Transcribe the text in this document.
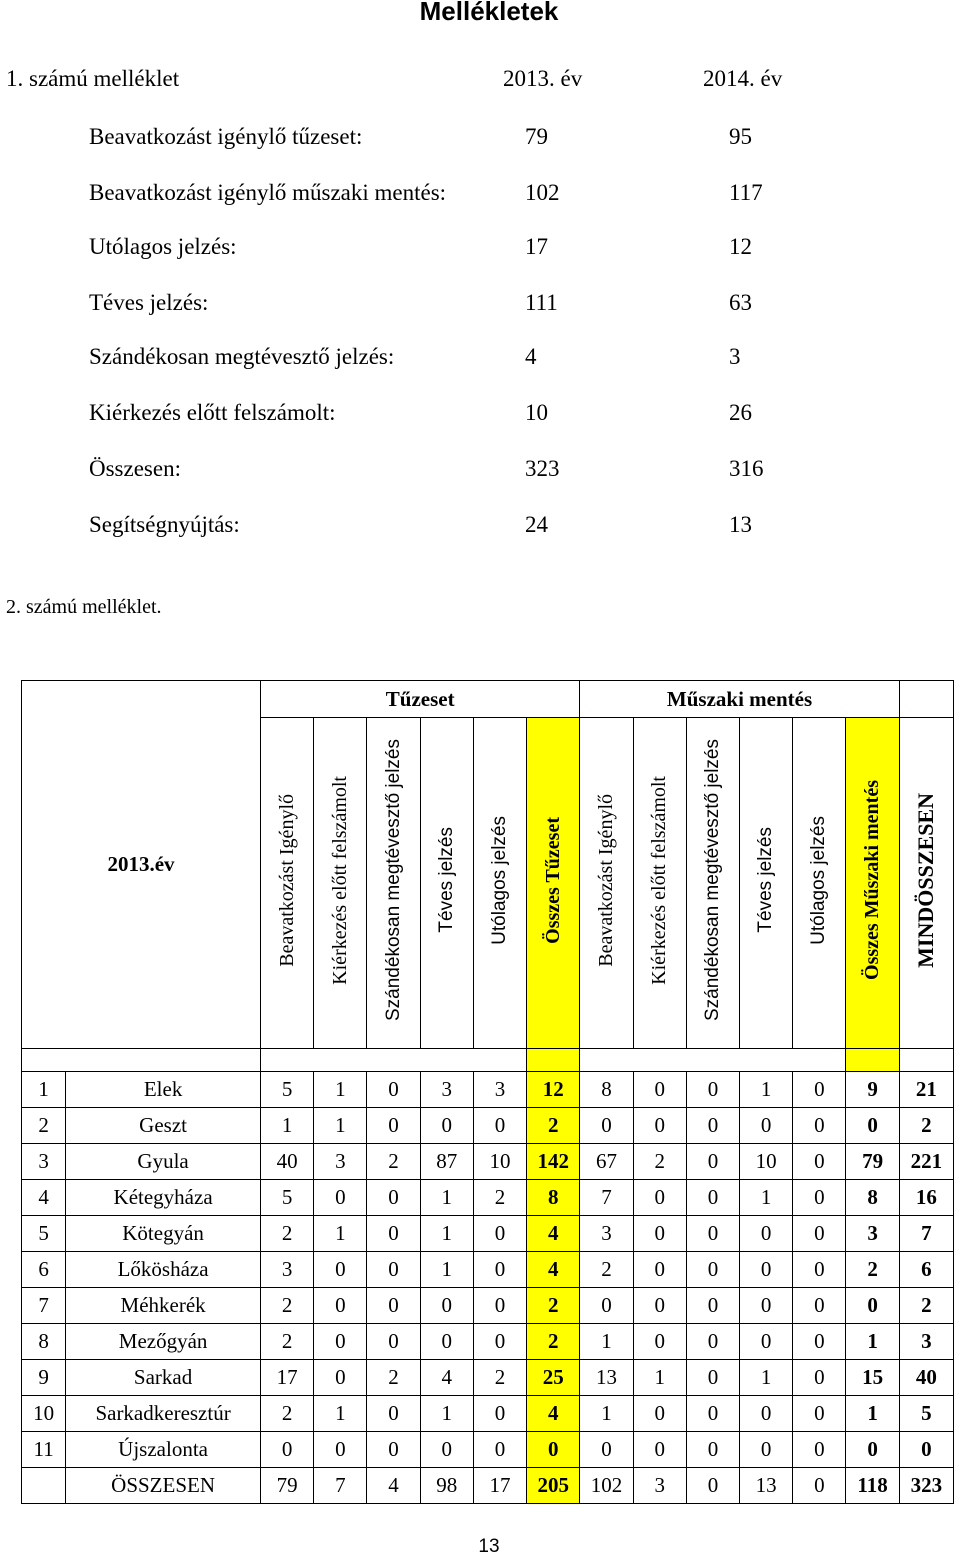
Mellékletek
1. számú melléklet	2013. év	2014. év
Beavatkozást igénylő tűzeset:	79	95
Beavatkozást igénylő műszaki mentés:	102	117
Utólagos jelzés:	17	12
Téves jelzés:	111	63
Szándékosan megtévesztő jelzés:	4	3
Kiérkezés előtt felszámolt:	10	26
Összesen:	323	316
Segítségnyújtás:	24	13
2. számú melléklet.
2013.év		Tűzeset						Műszaki mentés						
		Beavatkozást Igénylő	Kiérkezés előtt felszámolt	Szándékosan megtévesztő jelzés	Téves jelzés	Utólagos jelzés	Összes Tűzeset	Beavatkozást Igénylő	Kiérkezés előtt felszámolt	Szándékosan megtévesztő jelzés	Téves jelzés	Utólagos jelzés	Összes Műszaki mentés	MINDÖSSZESEN

1	Elek	5	1	0	3	3	12	8	0	0	1	0	9	21
2	Geszt	1	1	0	0	0	2	0	0	0	0	0	0	2
3	Gyula	40	3	2	87	10	142	67	2	0	10	0	79	221
4	Kétegyháza	5	0	0	1	2	8	7	0	0	1	0	8	16
5	Kötegyán	2	1	0	1	0	4	3	0	0	0	0	3	7
6	Lőkösháza	3	0	0	1	0	4	2	0	0	0	0	2	6
7	Méhkerék	2	0	0	0	0	2	0	0	0	0	0	0	2
8	Mezőgyán	2	0	0	0	0	2	1	0	0	0	0	1	3
9	Sarkad	17	0	2	4	2	25	13	1	0	1	0	15	40
10	Sarkadkeresztúr	2	1	0	1	0	4	1	0	0	0	0	1	5
11	Újszalonta	0	0	0	0	0	0	0	0	0	0	0	0	0
	ÖSSZESEN	79	7	4	98	17	205	102	3	0	13	0	118	323
13
